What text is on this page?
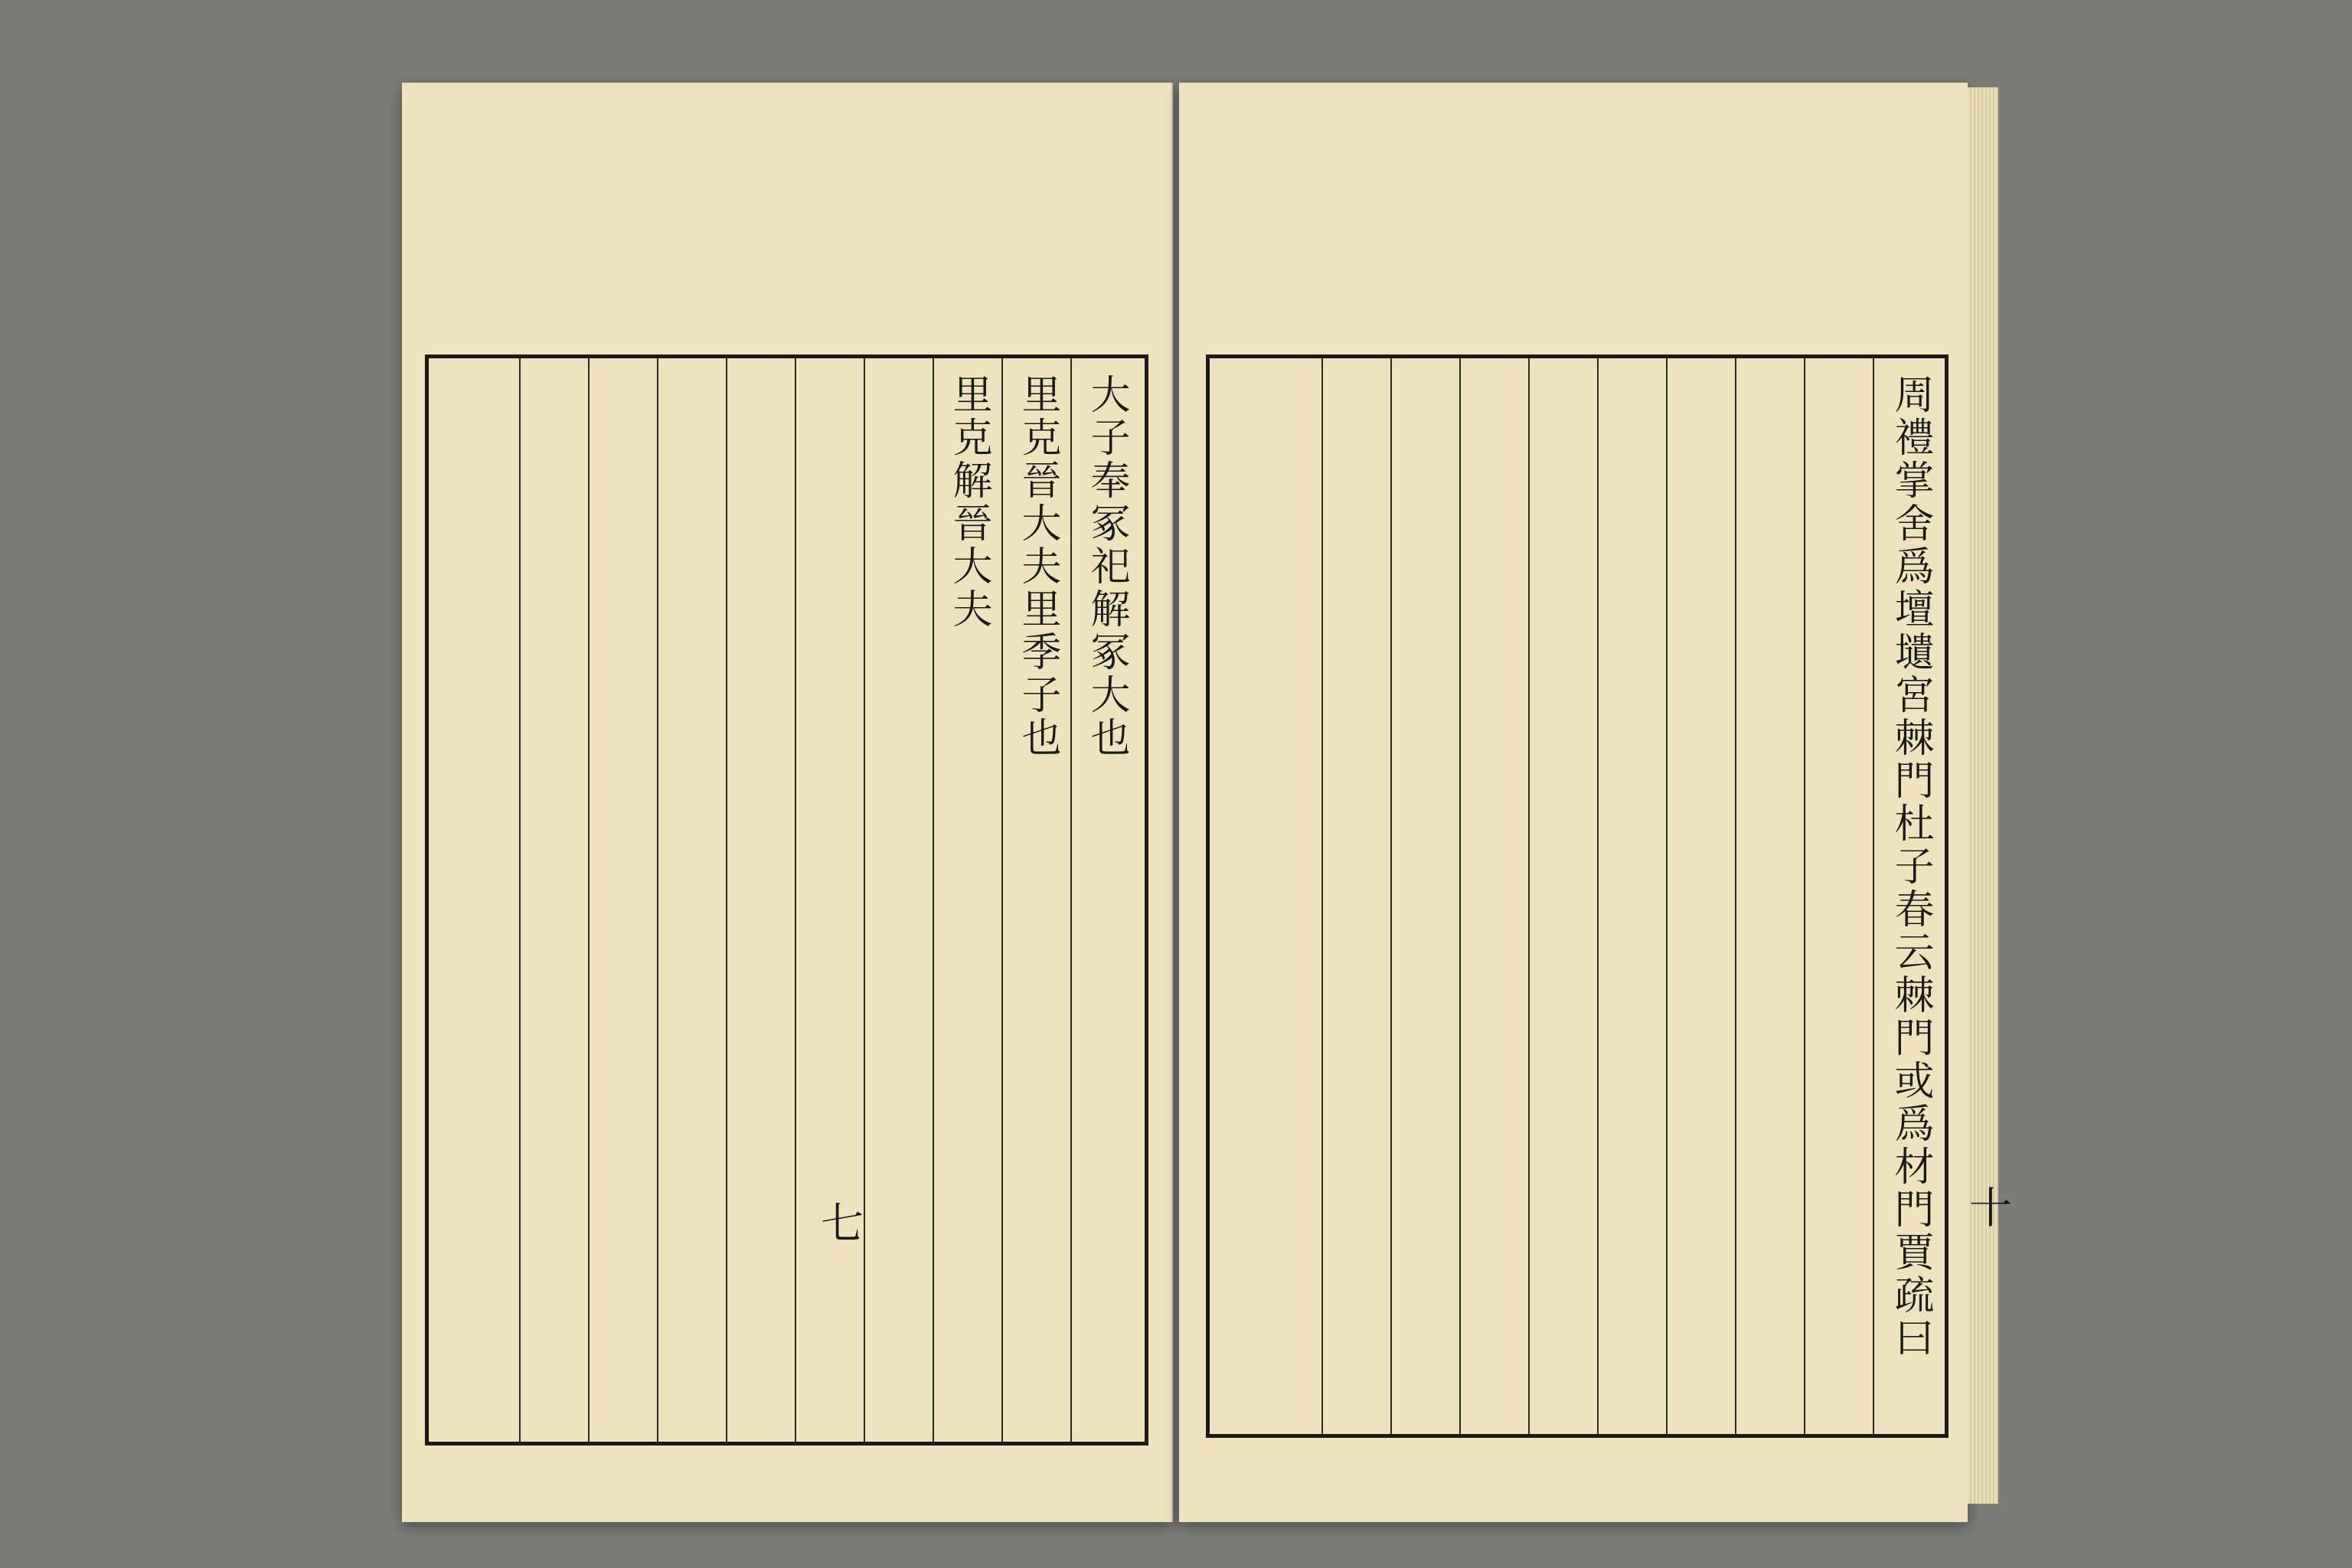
大子奉冢祀解冢大也
里克晉大夫里季子也
里克解晉大夫
七	周禮掌舍爲壇壝宮棘門杜子春云棘門或爲材門賈疏曰 十
